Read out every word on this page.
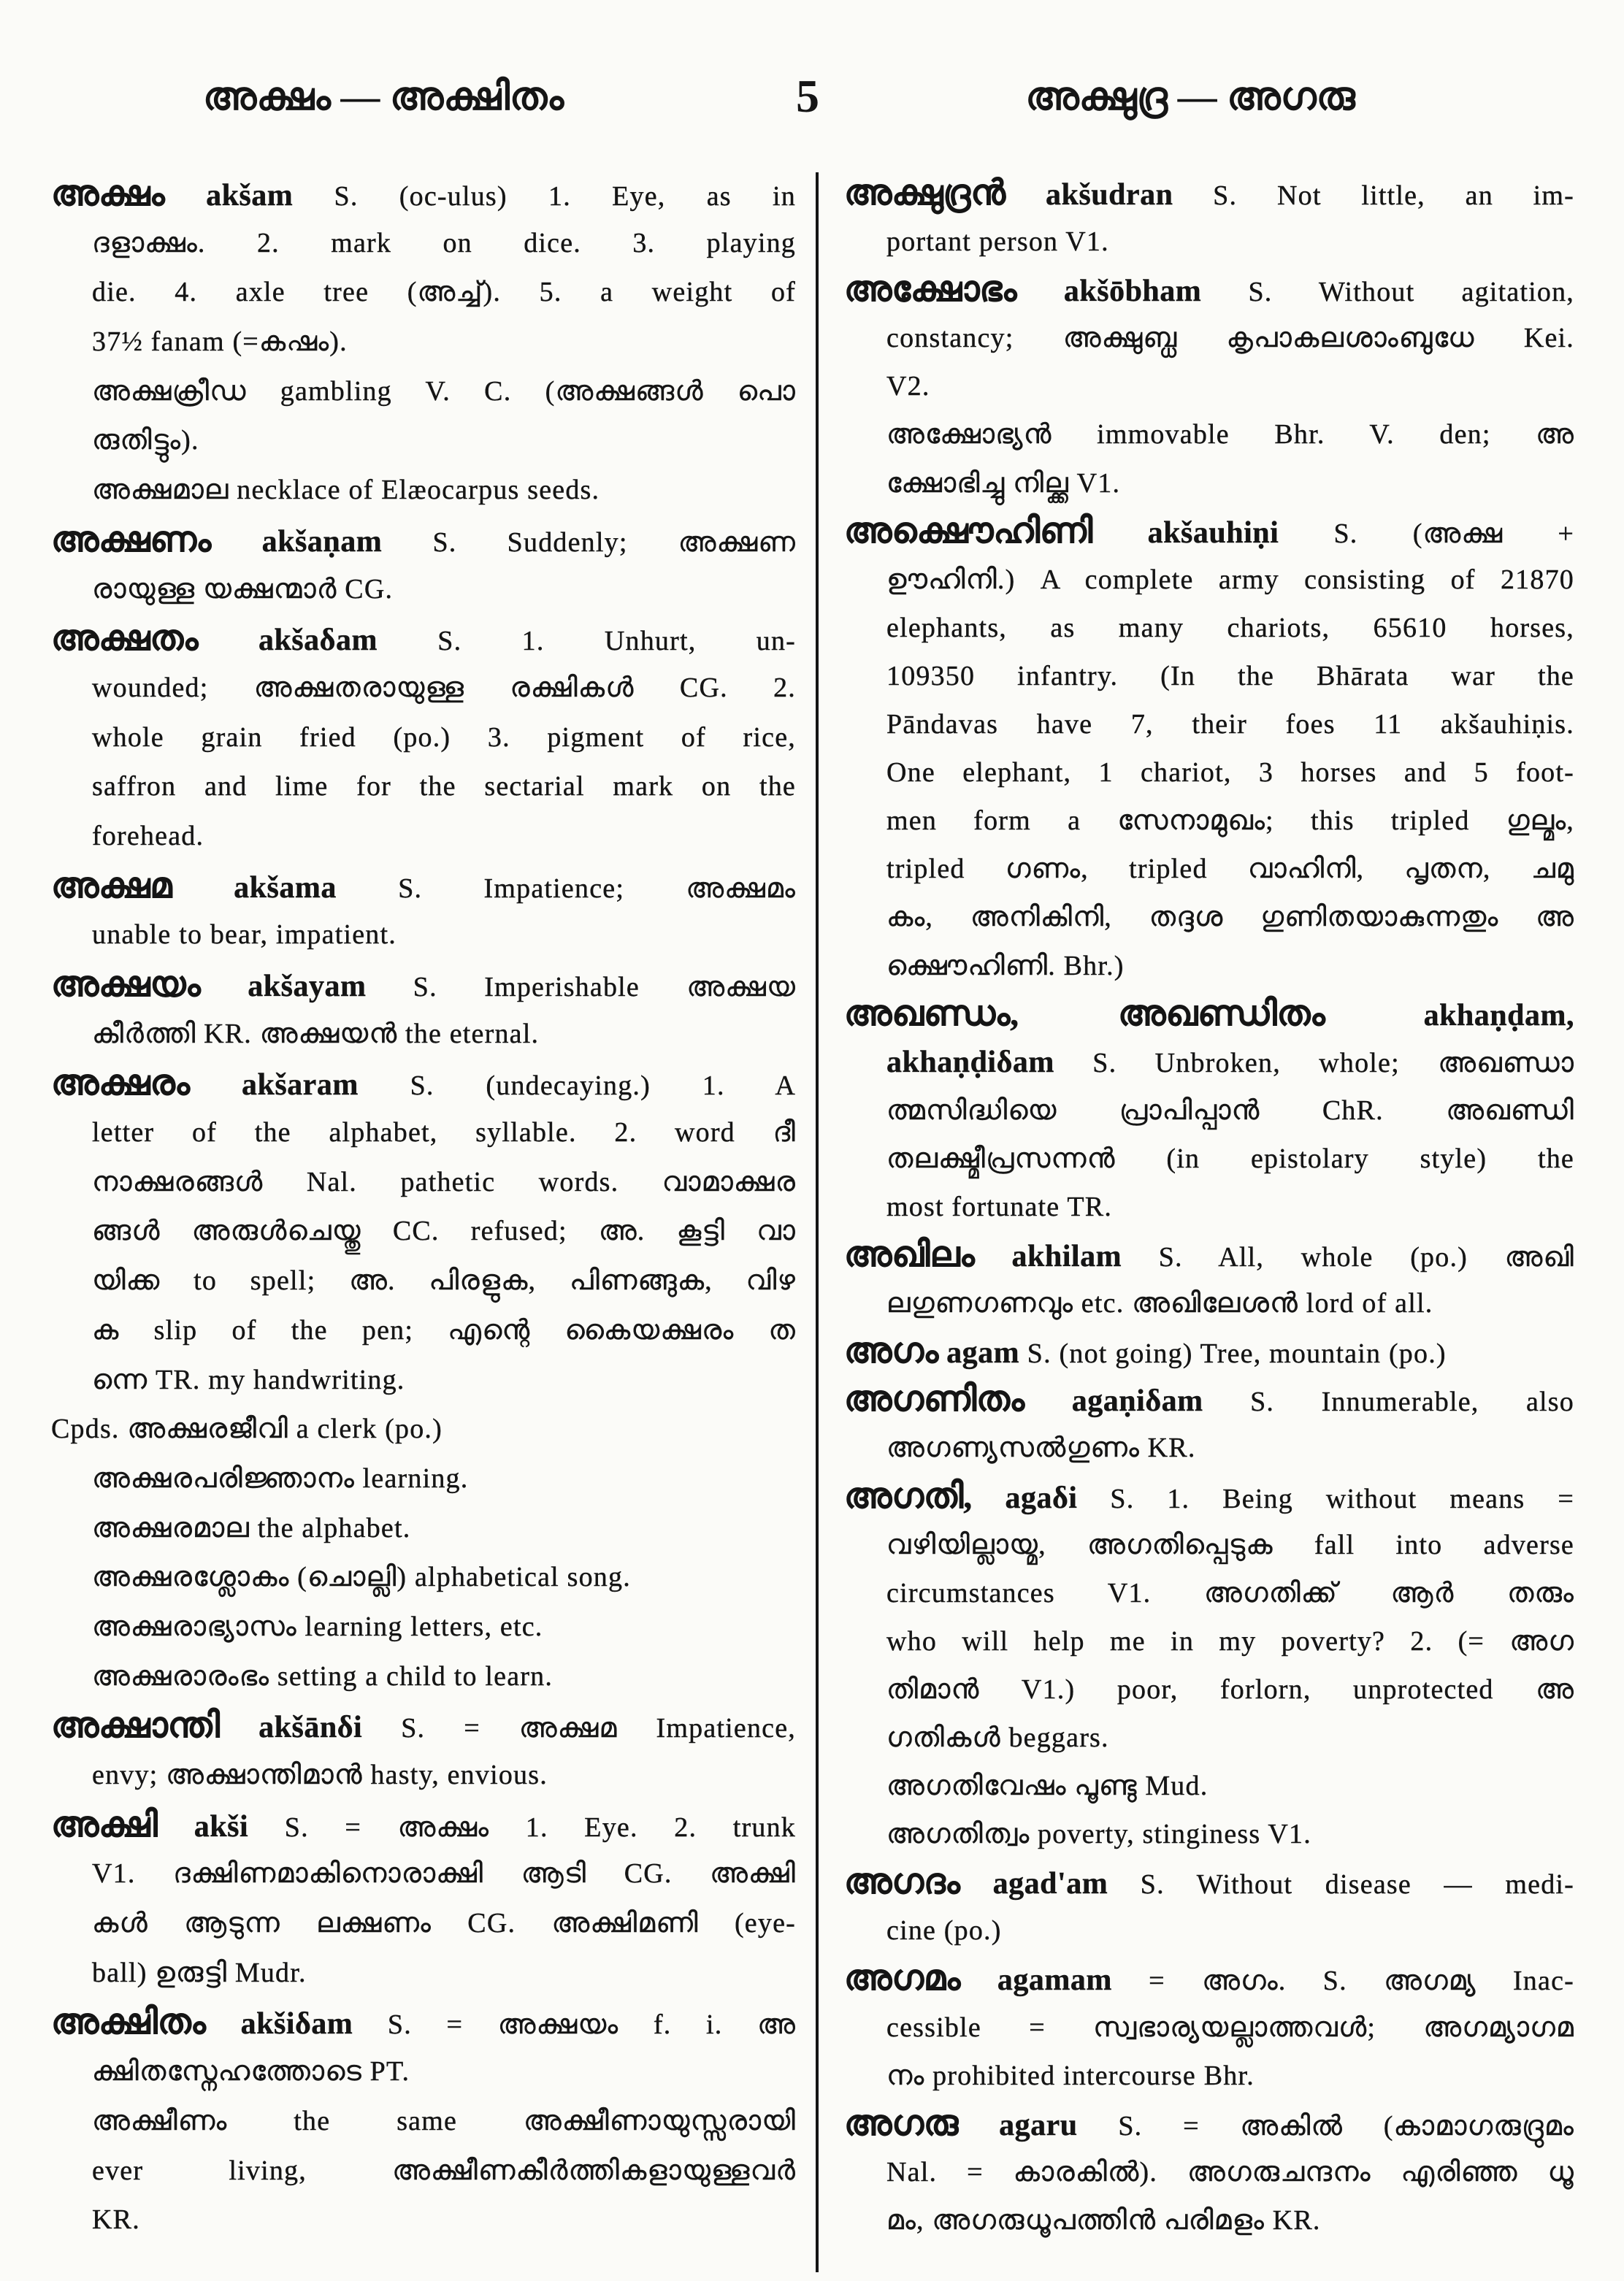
അക്ഷം — അക്ഷിതം	5	അക്ഷുദ്ര — അഗരു
അക്ഷം akšam S. (oc-ulus) 1. Eye, as in
ദളാക്ഷം. 2. mark on dice. 3. playing
die. 4. axle tree (അച്ച്). 5. a weight of
37½ fanam (=കഷം).
അക്ഷക്രീഡ gambling V. C. (അക്ഷങ്ങൾ പൊ
രുതിട്ടും).
അക്ഷമാല necklace of Elæocarpus seeds.
അക്ഷണം akšaṇam S. Suddenly; അക്ഷണ
രായുള്ള യക്ഷന്മാർ CG.
അക്ഷതം akšaδam S. 1. Unhurt, un-
wounded; അക്ഷതരായുള്ള രക്ഷികൾ CG. 2.
whole grain fried (po.) 3. pigment of rice,
saffron and lime for the sectarial mark on the
forehead.
അക്ഷമ akšama S. Impatience; അക്ഷമം
unable to bear, impatient.
അക്ഷയം akšayam S. Imperishable അക്ഷയ
കീർത്തി KR. അക്ഷയൻ the eternal.
അക്ഷരം akšaram S. (undecaying.) 1. A
letter of the alphabet, syllable. 2. word ദീ
നാക്ഷരങ്ങൾ Nal. pathetic words. വാമാക്ഷര
ങ്ങൾ അരുൾചെയ്തു CC. refused; അ. കൂട്ടി വാ
യിക്ക to spell; അ. പിരളുക, പിണങ്ങുക, വിഴ
ക slip of the pen; എന്റെ കൈയക്ഷരം ത
ന്നെ TR. my handwriting.
Cpds. അക്ഷരജീവി a clerk (po.)
അക്ഷരപരിജ്ഞാനം learning.
അക്ഷരമാല the alphabet.
അക്ഷരശ്ലോകം (ചൊല്ലി) alphabetical song.
അക്ഷരാഭ്യാസം learning letters, etc.
അക്ഷരാരംഭം setting a child to learn.
അക്ഷാന്തി akšānδi S. = അക്ഷമ Impatience,
envy; അക്ഷാന്തിമാൻ hasty, envious.
അക്ഷി akši S. = അക്ഷം 1. Eye. 2. trunk
V1. ദക്ഷിണമാകിനൊരാക്ഷി ആടി CG. അക്ഷി
കൾ ആടുന്ന ലക്ഷണം CG. അക്ഷിമണി (eye-
ball) ഉരുട്ടി Mudr.
അക്ഷിതം akšiδam S. = അക്ഷയം f. i. അ
ക്ഷിതസ്നേഹത്തോടെ PT.
അക്ഷീണം the same അക്ഷീണായുസ്സരായി
ever living, അക്ഷീണകീർത്തികളായുള്ളവർ
KR.
അക്ഷുദ്രൻ akšudran S. Not little, an im-
portant person V1.
അക്ഷോഭം akšōbham S. Without agitation,
constancy; അക്ഷുബ്ധ കൃപാകലശാംബുധേ Kei.
V2.
അക്ഷോഭ്യൻ immovable Bhr. V. den; അ
ക്ഷോഭിച്ചു നില്ക്ക V1.
അക്ഷൌഹിണി akšauhiṇi S. (അക്ഷ +
ഊഹിനി.) A complete army consisting of 21870
elephants, as many chariots, 65610 horses,
109350 infantry. (In the Bhārata war the
Pāndavas have 7, their foes 11 akšauhiṇis.
One elephant, 1 chariot, 3 horses and 5 foot-
men form a സേനാമുഖം; this tripled ഗുല്മം,
tripled ഗണം, tripled വാഹിനി, പൃതന, ചമു
കം, അനികിനി, തദ്ദശ ഗുണിതയാകുന്നതും അ
ക്ഷൌഹിണി. Bhr.)
അഖണ്ഡം, അഖണ്ഡിതം akhaṇḍam,
akhaṇḍiδam S. Unbroken, whole; അഖണ്ഡാ
ത്മസിദ്ധിയെ പ്രാപിപ്പാൻ ChR. അഖണ്ഡി
തലക്ഷ്മീപ്രസന്നൻ (in epistolary style) the
most fortunate TR.
അഖിലം akhilam S. All, whole (po.) അഖി
ലഗുണഗണവും etc. അഖിലേശൻ lord of all.
അഗം agam S. (not going) Tree, mountain (po.)
അഗണിതം agaṇiδam S. Innumerable, also
അഗണ്യസൽഗുണം KR.
അഗതി, agaδi S. 1. Being without means =
വഴിയില്ലായ്മ, അഗതിപ്പെടുക fall into adverse
circumstances V1. അഗതിക്ക് ആർ തരും
who will help me in my poverty? 2. (= അഗ
തിമാൻ V1.) poor, forlorn, unprotected അ
ഗതികൾ beggars.
അഗതിവേഷം പൂണ്ടു Mud.
അഗതിത്വം poverty, stinginess V1.
അഗദം agad'am S. Without disease — medi-
cine (po.)
അഗമം agamam = അഗം. S. അഗമ്യ Inac-
cessible = സ്വഭാര്യയല്ലാത്തവൾ; അഗമ്യാഗമ
നം prohibited intercourse Bhr.
അഗരു agaru S. = അകിൽ (കാമാഗരുദ്രുമം
Nal. = കാരകിൽ). അഗരുചന്ദനം എരിഞ്ഞ ധൂ
മം, അഗരുധൂപത്തിൻ പരിമളം KR.
